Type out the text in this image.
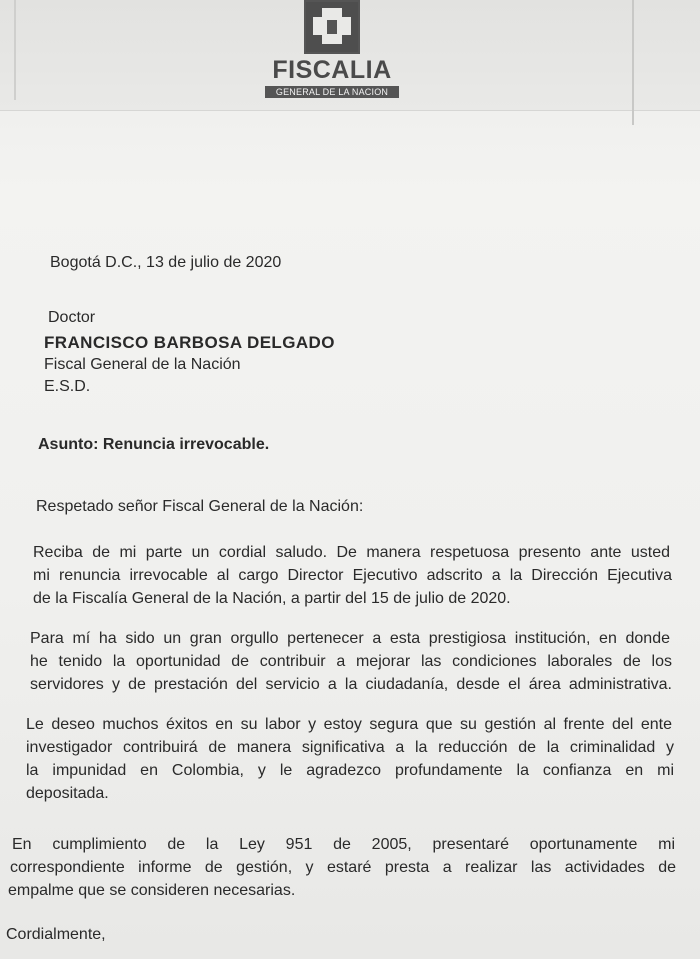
FISCALIA
GENERAL DE LA NACION
Bogotá D.C., 13 de julio de 2020
Doctor
FRANCISCO BARBOSA DELGADO
Fiscal General de la Nación
E.S.D.
Asunto: Renuncia irrevocable.
Respetado señor Fiscal General de la Nación:
Reciba de mi parte un cordial saludo. De manera respetuosa presento ante usted
mi renuncia irrevocable al cargo Director Ejecutivo adscrito a la Dirección Ejecutiva
de la Fiscalía General de la Nación, a partir del 15 de julio de 2020.
Para mí ha sido un gran orgullo pertenecer a esta prestigiosa institución, en donde
he tenido la oportunidad de contribuir a mejorar las condiciones laborales de los
servidores y de prestación del servicio a la ciudadanía, desde el área administrativa.
Le deseo muchos éxitos en su labor y estoy segura que su gestión al frente del ente
investigador contribuirá de manera significativa a la reducción de la criminalidad y
la impunidad en Colombia, y le agradezco profundamente la confianza en mi
depositada.
En cumplimiento de la Ley 951 de 2005, presentaré oportunamente mi
correspondiente informe de gestión, y estaré presta a realizar las actividades de
empalme que se consideren necesarias.
Cordialmente,
